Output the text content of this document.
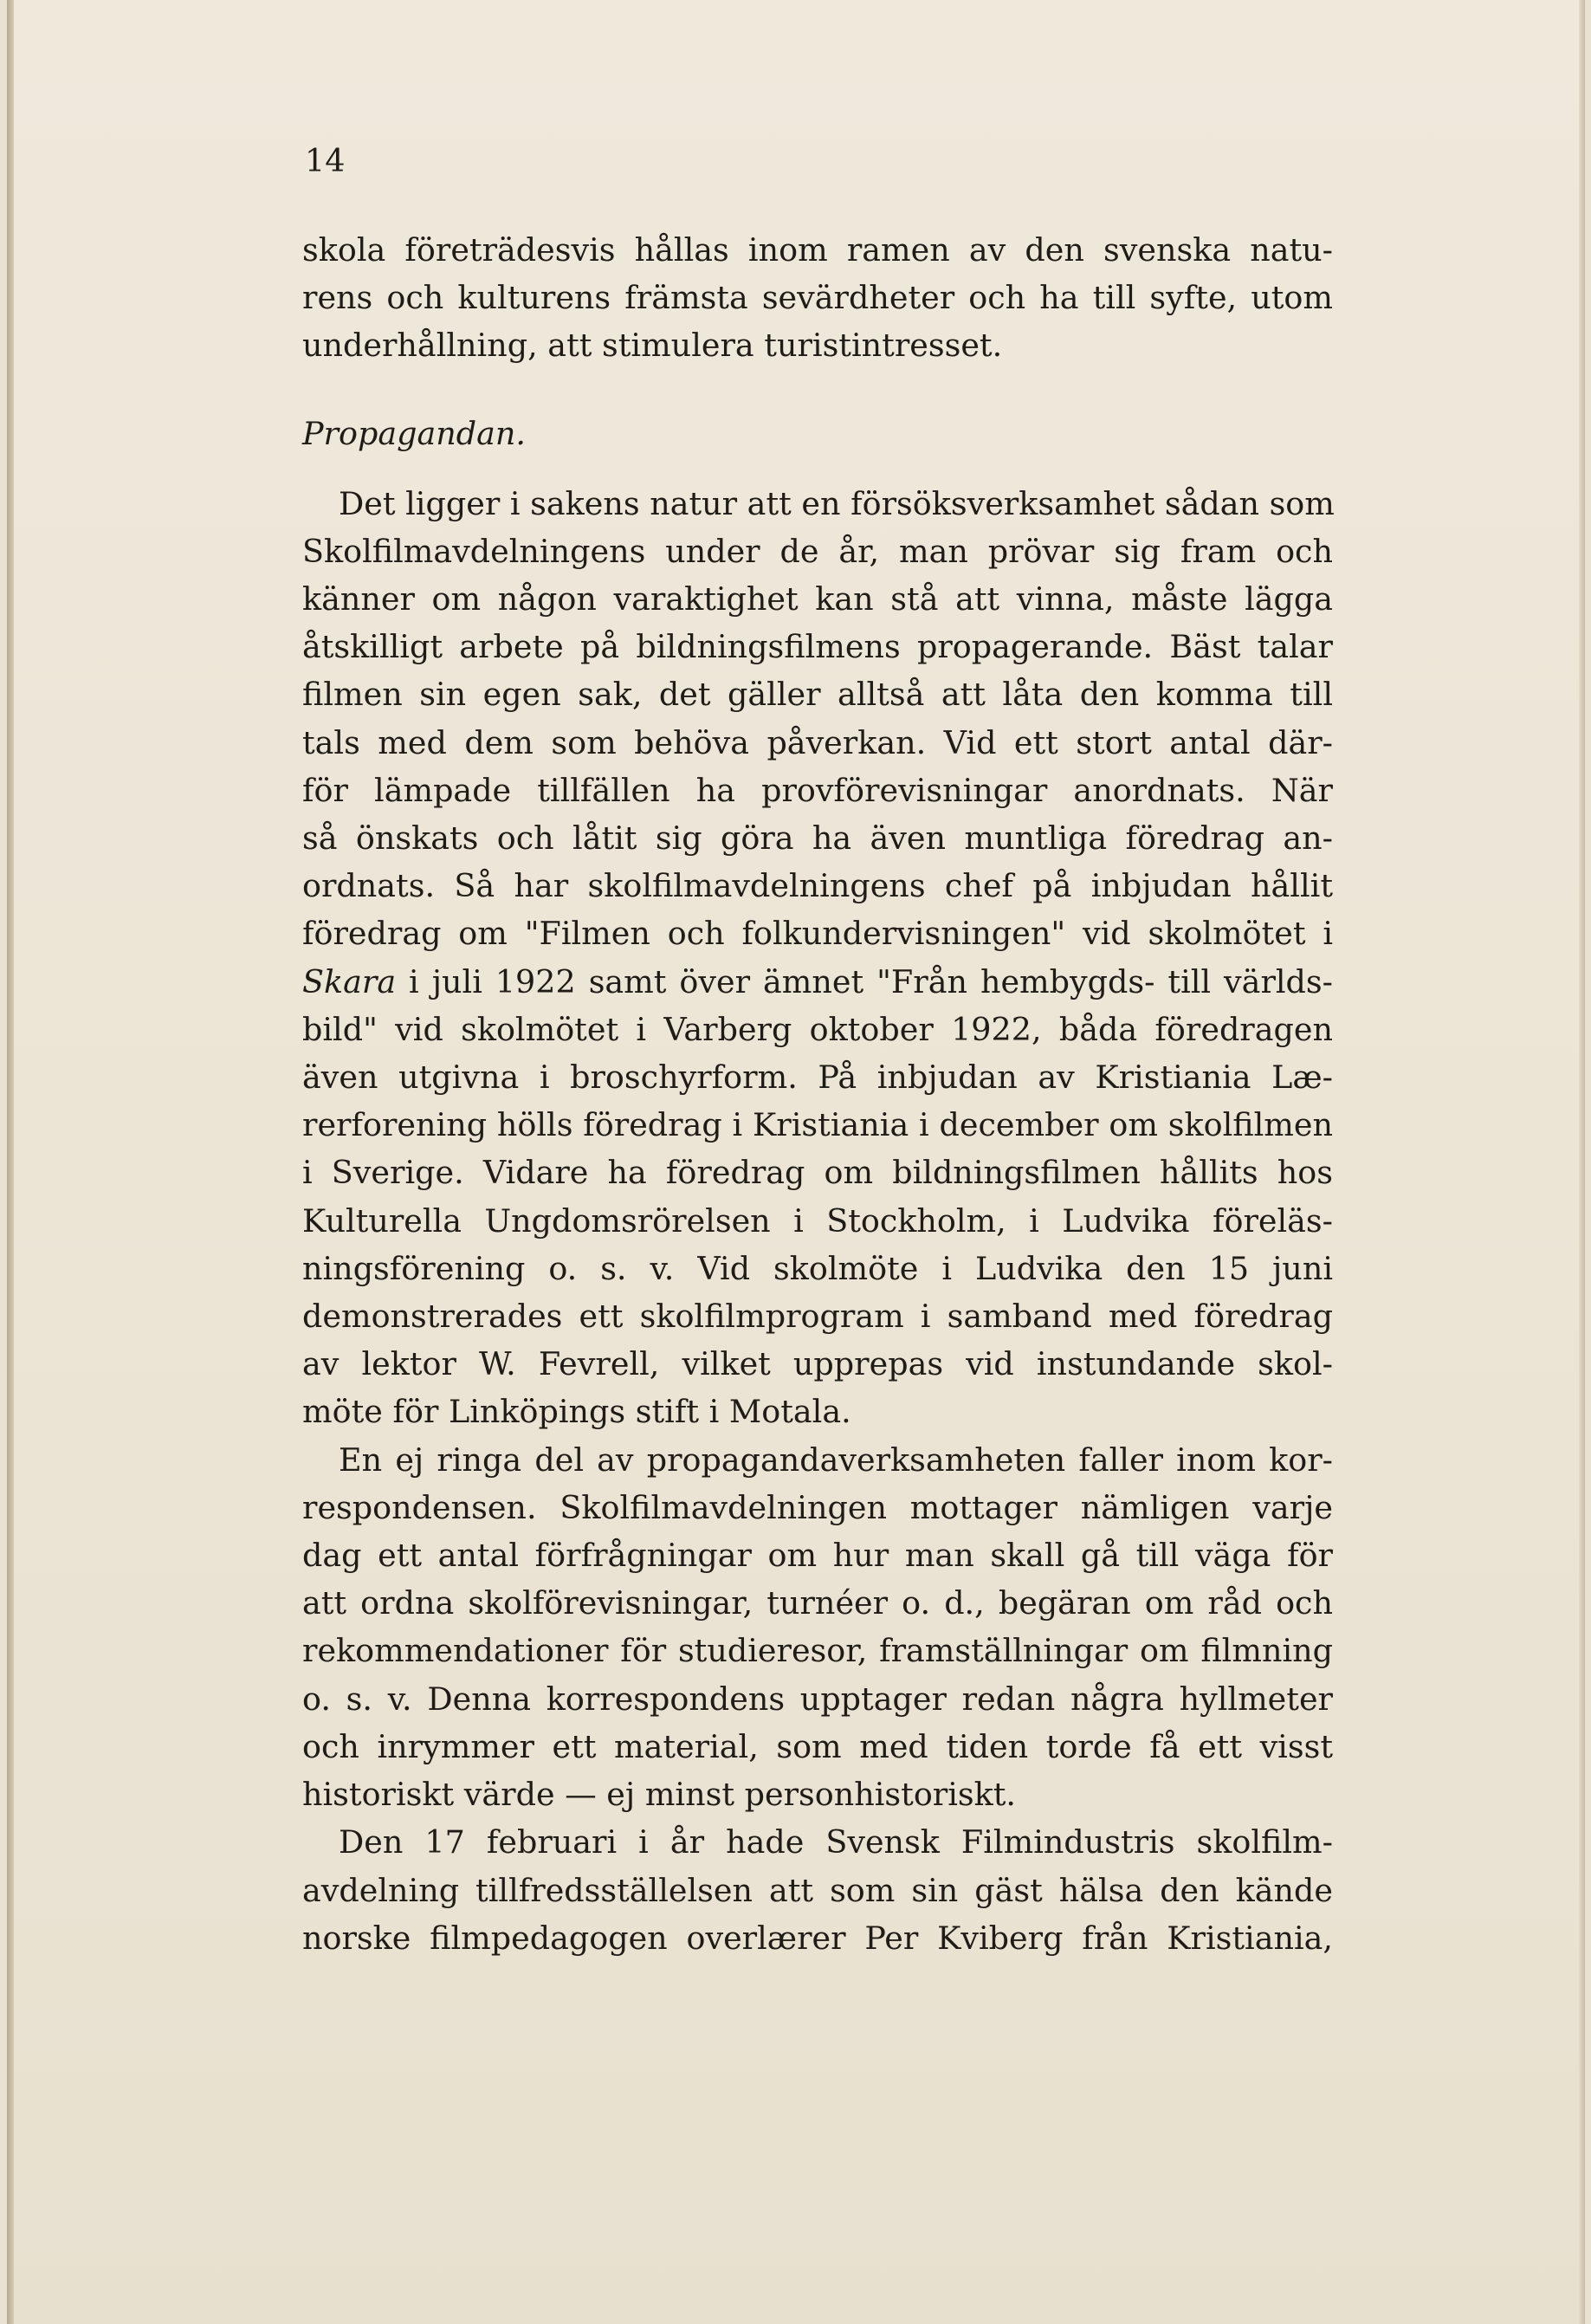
14
skola företrädesvis hållas inom ramen av den svenska natu-
rens och kulturens främsta sevärdheter och ha till syfte, utom
underhållning, att stimulera turistintresset.
Propagandan.
Det ligger i sakens natur att en försöksverksamhet sådan som
Skolfilmavdelningens under de år, man prövar sig fram och
känner om någon varaktighet kan stå att vinna, måste lägga
åtskilligt arbete på bildningsfilmens propagerande. Bäst talar
filmen sin egen sak, det gäller alltså att låta den komma till
tals med dem som behöva påverkan. Vid ett stort antal där-
för lämpade tillfällen ha provförevisningar anordnats. När
så önskats och låtit sig göra ha även muntliga föredrag an-
ordnats. Så har skolfilmavdelningens chef på inbjudan hållit
föredrag om "Filmen och folkundervisningen" vid skolmötet i
Skara i juli 1922 samt över ämnet "Från hembygds- till världs-
bild" vid skolmötet i Varberg oktober 1922, båda föredragen
även utgivna i broschyrform. På inbjudan av Kristiania Læ-
rerforening hölls föredrag i Kristiania i december om skolfilmen
i Sverige. Vidare ha föredrag om bildningsfilmen hållits hos
Kulturella Ungdomsrörelsen i Stockholm, i Ludvika föreläs-
ningsförening o. s. v. Vid skolmöte i Ludvika den 15 juni
demonstrerades ett skolfilmprogram i samband med föredrag
av lektor W. Fevrell, vilket upprepas vid instundande skol-
möte för Linköpings stift i Motala.
En ej ringa del av propagandaverksamheten faller inom kor-
respondensen. Skolfilmavdelningen mottager nämligen varje
dag ett antal förfrågningar om hur man skall gå till väga för
att ordna skolförevisningar, turnéer o. d., begäran om råd och
rekommendationer för studieresor, framställningar om filmning
o. s. v. Denna korrespondens upptager redan några hyllmeter
och inrymmer ett material, som med tiden torde få ett visst
historiskt värde — ej minst personhistoriskt.
Den 17 februari i år hade Svensk Filmindustris skolfilm-
avdelning tillfredsställelsen att som sin gäst hälsa den kände
norske filmpedagogen overlærer Per Kviberg från Kristiania,
